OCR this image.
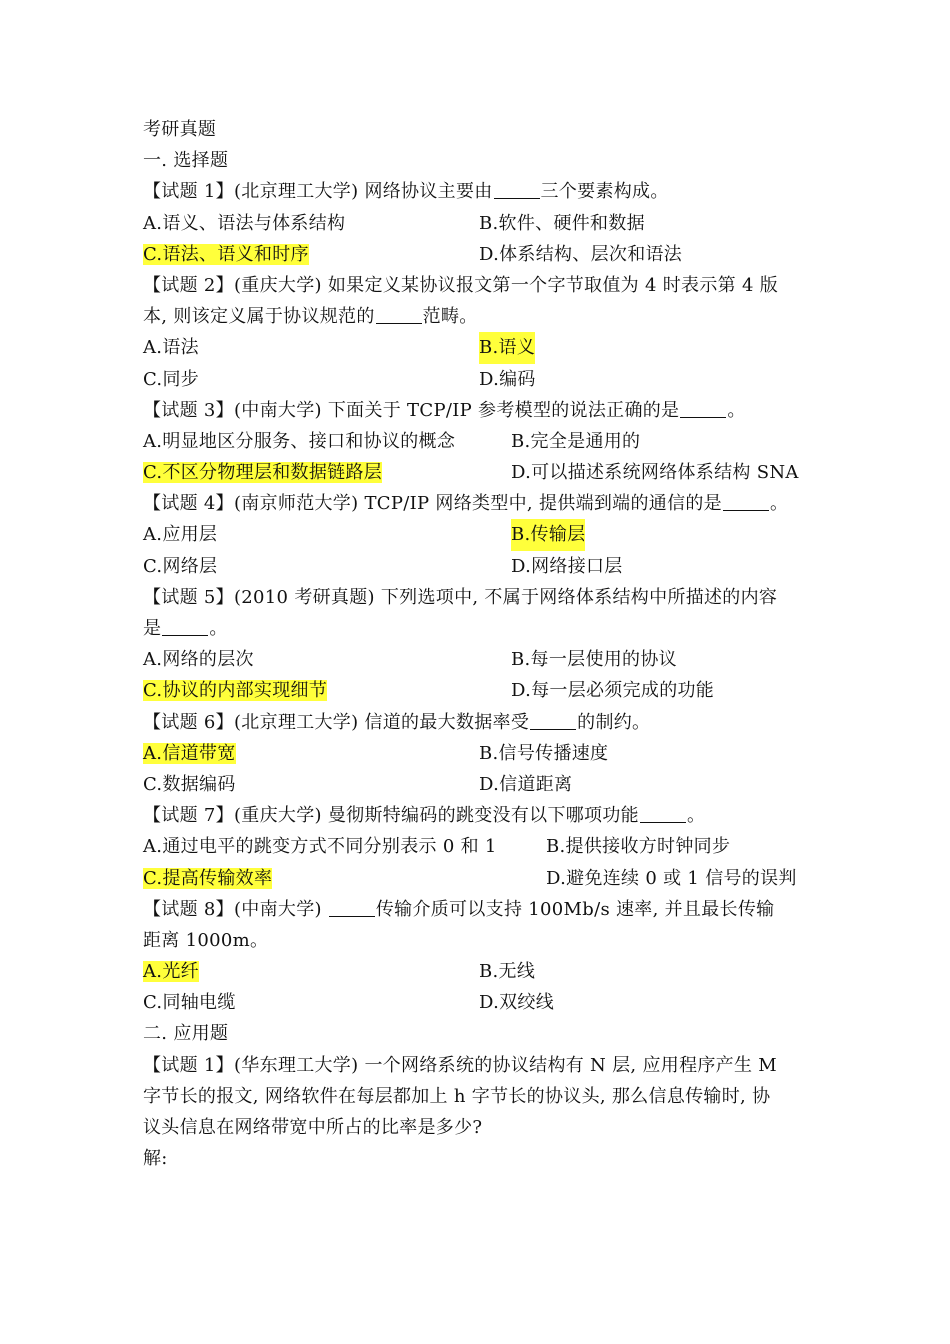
考研真题
一. 选择题
【试题 1】(北京理工大学) 网络协议主要由	三个要素构成。
A.语义、语法与体系结构	B.软件、硬件和数据
C.语法、语义和时序	D.体系结构、层次和语法
【试题 2】(重庆大学) 如果定义某协议报文第一个字节取值为 4 时表示第 4 版
本, 则该定义属于协议规范的	范畴。
A.语法	B.语义
C.同步	D.编码
【试题 3】(中南大学) 下面关于 TCP/IP 参考模型的说法正确的是	。
A.明显地区分服务、接口和协议的概念	B.完全是通用的
C.不区分物理层和数据链路层	D.可以描述系统网络体系结构 SNA
【试题 4】(南京师范大学) TCP/IP 网络类型中, 提供端到端的通信的是	。
A.应用层	B.传输层
C.网络层	D.网络接口层
【试题 5】(2010 考研真题) 下列选项中, 不属于网络体系结构中所描述的内容
是	。
A.网络的层次	B.每一层使用的协议
C.协议的内部实现细节	D.每一层必须完成的功能
【试题 6】(北京理工大学) 信道的最大数据率受	的制约。
A.信道带宽	B.信号传播速度
C.数据编码	D.信道距离
【试题 7】(重庆大学) 曼彻斯特编码的跳变没有以下哪项功能	。
A.通过电平的跳变方式不同分别表示 0 和 1	B.提供接收方时钟同步
C.提高传输效率	D.避免连续 0 或 1 信号的误判
【试题 8】(中南大学)	传输介质可以支持 100Mb/s 速率, 并且最长传输
距离 1000m。
A.光纤	B.无线
C.同轴电缆	D.双绞线
二. 应用题
【试题 1】(华东理工大学) 一个网络系统的协议结构有 N 层, 应用程序产生 M
字节长的报文, 网络软件在每层都加上 h 字节长的协议头, 那么信息传输时, 协
议头信息在网络带宽中所占的比率是多少?
解:
